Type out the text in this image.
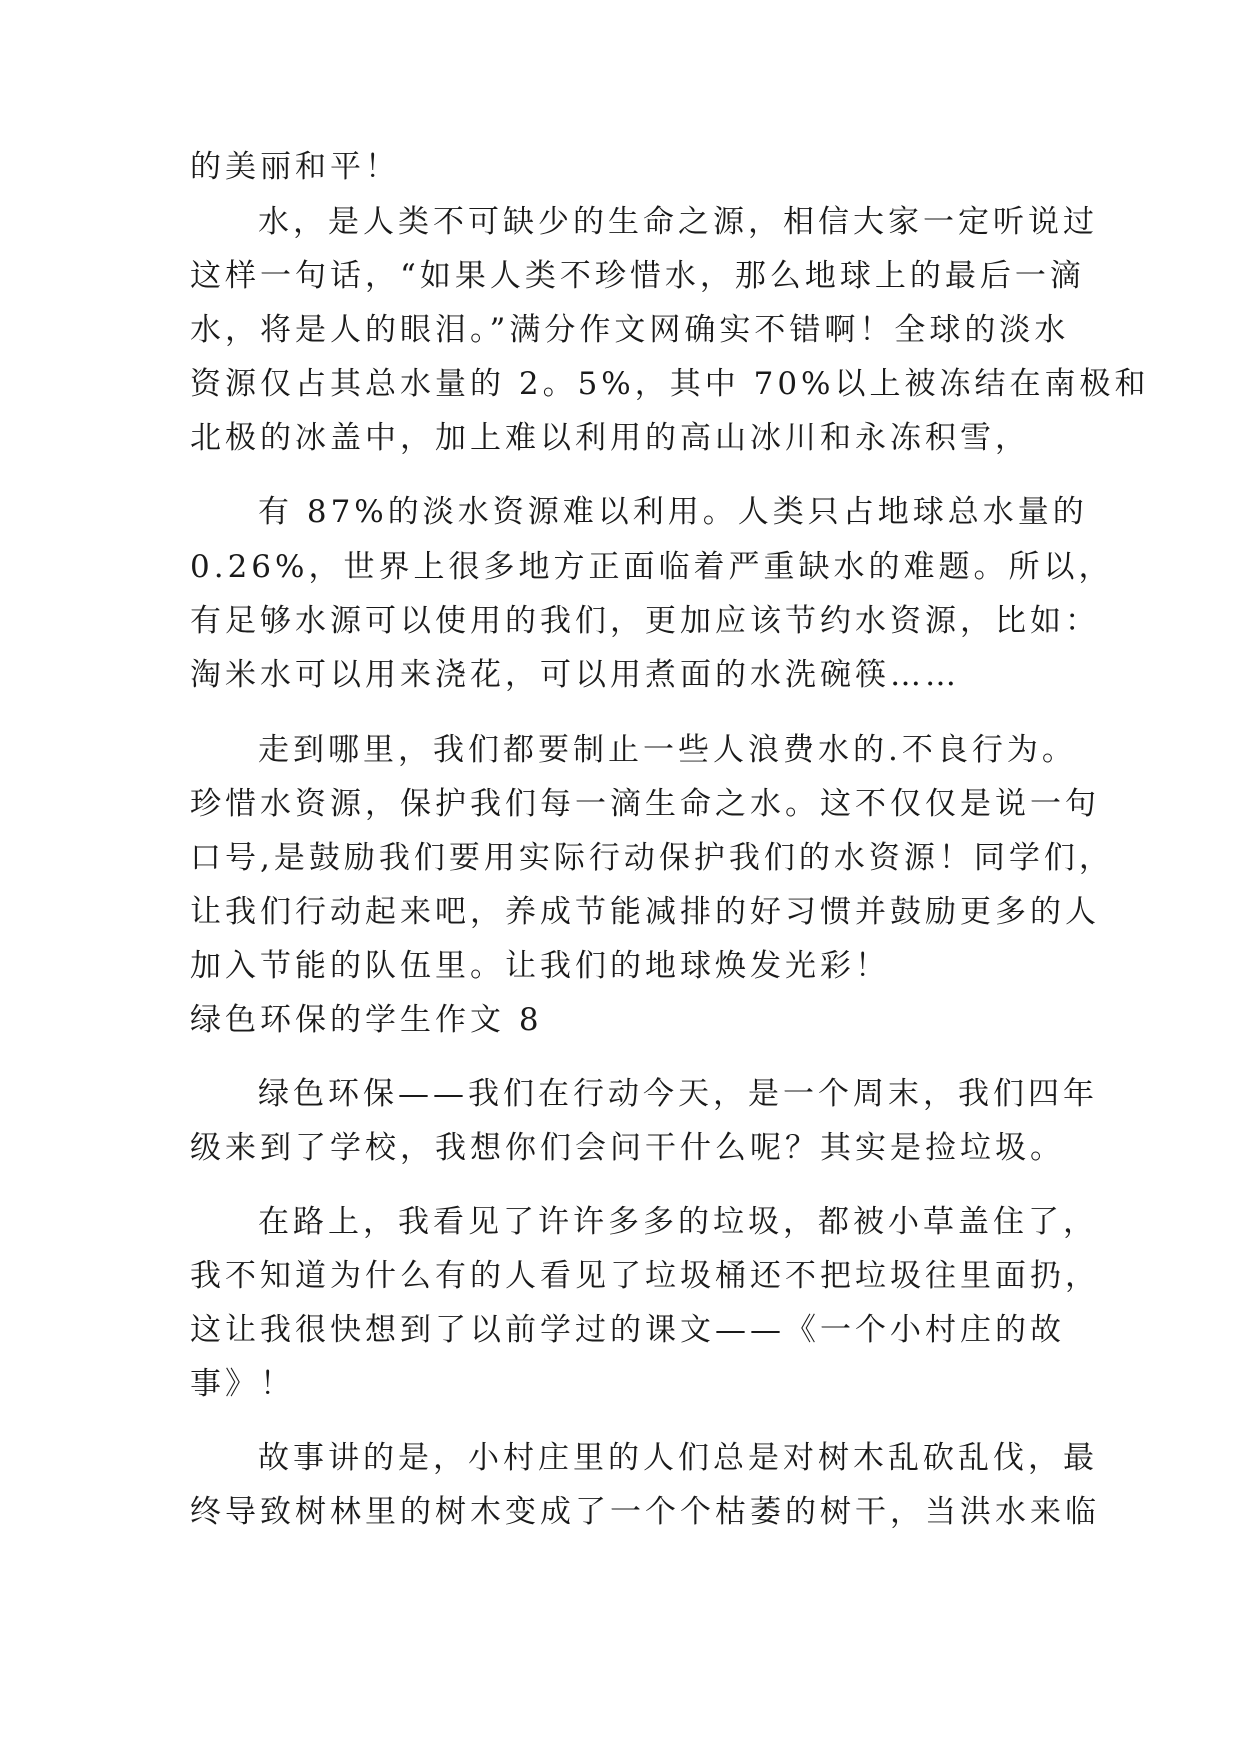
的美丽和平！
水，是人类不可缺少的生命之源，相信大家一定听说过
这样一句话，“如果人类不珍惜水，那么地球上的最后一滴
水，将是人的眼泪。”满分作文网确实不错啊！全球的淡水
资源仅占其总水量的 2。5%，其中 70%以上被冻结在南极和
北极的冰盖中，加上难以利用的高山冰川和永冻积雪，
有 87%的淡水资源难以利用。人类只占地球总水量的
0.26%，世界上很多地方正面临着严重缺水的难题。所以，
有足够水源可以使用的我们，更加应该节约水资源，比如：
淘米水可以用来浇花，可以用煮面的水洗碗筷……
走到哪里，我们都要制止一些人浪费水的.不良行为。
珍惜水资源，保护我们每一滴生命之水。这不仅仅是说一句
口号,是鼓励我们要用实际行动保护我们的水资源！同学们，
让我们行动起来吧，养成节能减排的好习惯并鼓励更多的人
加入节能的队伍里。让我们的地球焕发光彩！
绿色环保的学生作文 8
绿色环保——我们在行动今天，是一个周末，我们四年
级来到了学校，我想你们会问干什么呢？其实是捡垃圾。
在路上，我看见了许许多多的垃圾，都被小草盖住了，
我不知道为什么有的人看见了垃圾桶还不把垃圾往里面扔，
这让我很快想到了以前学过的课文——《一个小村庄的故
事》！
故事讲的是，小村庄里的人们总是对树木乱砍乱伐，最
终导致树林里的树木变成了一个个枯萎的树干，当洪水来临
